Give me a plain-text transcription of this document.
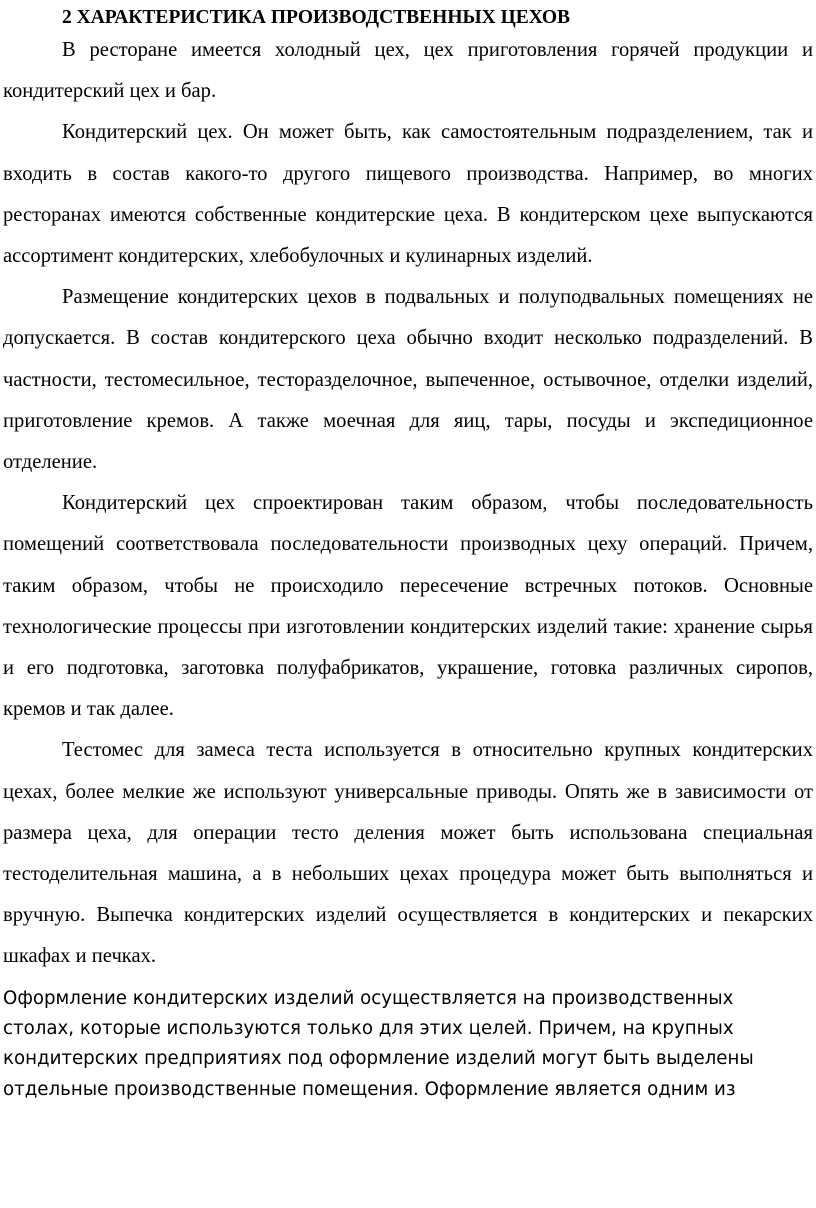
2 ХАРАКТЕРИСТИКА ПРОИЗВОДСТВЕННЫХ ЦЕХОВ

В ресторане имеется холодный цех, цех приготовления горячей продукции и кондитерский цех и бар.

Кондитерский цех. Он может быть, как самостоятельным подразделением, так и входить в состав какого-то другого пищевого производства. Например, во многих ресторанах имеются собственные кондитерские цеха. В кондитерском цехе выпускаются ассортимент кондитерских, хлебобулочных и кулинарных изделий.

Размещение кондитерских цехов в подвальных и полуподвальных помещениях не допускается. В состав кондитерского цеха обычно входит несколько подразделений. В частности, тестомесильное, тесторазделочное, выпеченное, остывочное, отделки изделий, приготовление кремов. А также моечная для яиц, тары, посуды и экспедиционное отделение.

Кондитерский цех спроектирован таким образом, чтобы последовательность помещений соответствовала последовательности производных цеху операций. Причем, таким образом, чтобы не происходило пересечение встречных потоков. Основные технологические процессы при изготовлении кондитерских изделий такие: хранение сырья и его подготовка, заготовка полуфабрикатов, украшение, готовка различных сиропов, кремов и так далее.

Тестомес для замеса теста используется в относительно крупных кондитерских цехах, более мелкие же используют универсальные приводы. Опять же в зависимости от размера цеха, для операции тесто деления может быть использована специальная тестоделительная машина, а в небольших цехах процедура может быть выполняться и вручную. Выпечка кондитерских изделий осуществляется в кондитерских и пекарских шкафах и печках.

Оформление кондитерских изделий осуществляется на производственных столах, которые используются только для этих целей. Причем, на крупных кондитерских предприятиях под оформление изделий могут быть выделены отдельные производственные помещения. Оформление является одним из
